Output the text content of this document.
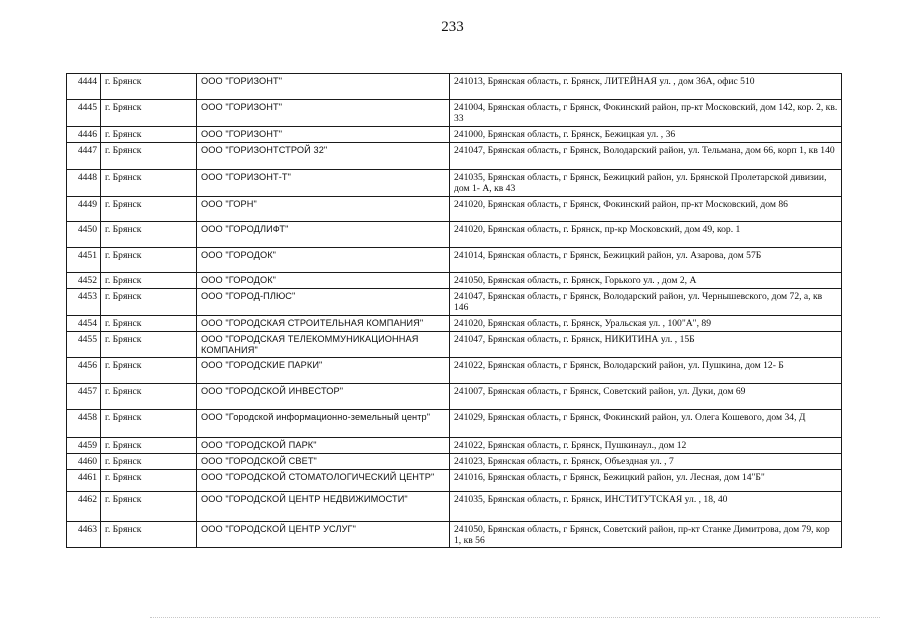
233
4444	г. Брянск	ООО "ГОРИЗОНТ"	241013, Брянская область, г. Брянск, ЛИТЕЙНАЯ ул. , дом 36А, офис 510
4445	г. Брянск	ООО "ГОРИЗОНТ"	241004, Брянская область, г Брянск, Фокинский район, пр-кт Московский, дом 142, кор. 2, кв. 33
4446	г. Брянск	ООО "ГОРИЗОНТ"	241000, Брянская область, г. Брянск, Бежицкая ул. , 36
4447	г. Брянск	ООО "ГОРИЗОНТСТРОЙ 32"	241047, Брянская область, г Брянск, Володарский район, ул. Тельмана, дом 66, корп 1, кв 140
4448	г. Брянск	ООО "ГОРИЗОНТ-Т"	241035, Брянская область, г Брянск, Бежицкий район, ул. Брянской Пролетарской дивизии, дом 1- А, кв 43
4449	г. Брянск	ООО "ГОРН"	241020, Брянская область, г Брянск, Фокинский район, пр-кт Московский, дом 86
4450	г. Брянск	ООО "ГОРОДЛИФТ"	241020, Брянская область, г. Брянск, пр-кр Московский, дом 49, кор. 1
4451	г. Брянск	ООО "ГОРОДОК"	241014, Брянская область, г Брянск, Бежицкий район, ул. Азарова, дом 57Б
4452	г. Брянск	ООО "ГОРОДОК"	241050, Брянская область, г. Брянск, Горького ул. , дом 2, А
4453	г. Брянск	ООО "ГОРОД-ПЛЮС"	241047, Брянская область, г Брянск, Володарский район, ул. Чернышевского, дом 72, а, кв 146
4454	г. Брянск	ООО "ГОРОДСКАЯ СТРОИТЕЛЬНАЯ КОМПАНИЯ"	241020, Брянская область, г. Брянск, Уральская ул. , 100"А", 89
4455	г. Брянск	ООО "ГОРОДСКАЯ ТЕЛЕКОММУНИКАЦИОННАЯ КОМПАНИЯ"	241047, Брянская область, г. Брянск, НИКИТИНА ул. , 15Б
4456	г. Брянск	ООО "ГОРОДСКИЕ ПАРКИ"	241022, Брянская область, г Брянск, Володарский район, ул. Пушкина, дом 12- Б
4457	г. Брянск	ООО "ГОРОДСКОЙ ИНВЕСТОР"	241007, Брянская область, г Брянск, Советский район, ул. Дуки, дом 69
4458	г. Брянск	ООО "Городской информационно-земельный центр"	241029, Брянская область, г Брянск, Фокинский район, ул. Олега Кошевого, дом 34, Д
4459	г. Брянск	ООО "ГОРОДСКОЙ ПАРК"	241022, Брянская область, г. Брянск, Пушкинаул., дом 12
4460	г. Брянск	ООО "ГОРОДСКОЙ СВЕТ"	241023, Брянская область, г. Брянск, Объездная ул. , 7
4461	г. Брянск	ООО "ГОРОДСКОЙ СТОМАТОЛОГИЧЕСКИЙ ЦЕНТР"	241016, Брянская область, г Брянск, Бежицкий район, ул. Лесная, дом 14"Б"
4462	г. Брянск	ООО "ГОРОДСКОЙ ЦЕНТР НЕДВИЖИМОСТИ"	241035, Брянская область, г. Брянск, ИНСТИТУТСКАЯ ул. , 18, 40
4463	г. Брянск	ООО "ГОРОДСКОЙ ЦЕНТР УСЛУГ"	241050, Брянская область, г Брянск, Советский район, пр-кт Станке Димитрова, дом 79, кор 1, кв 56
